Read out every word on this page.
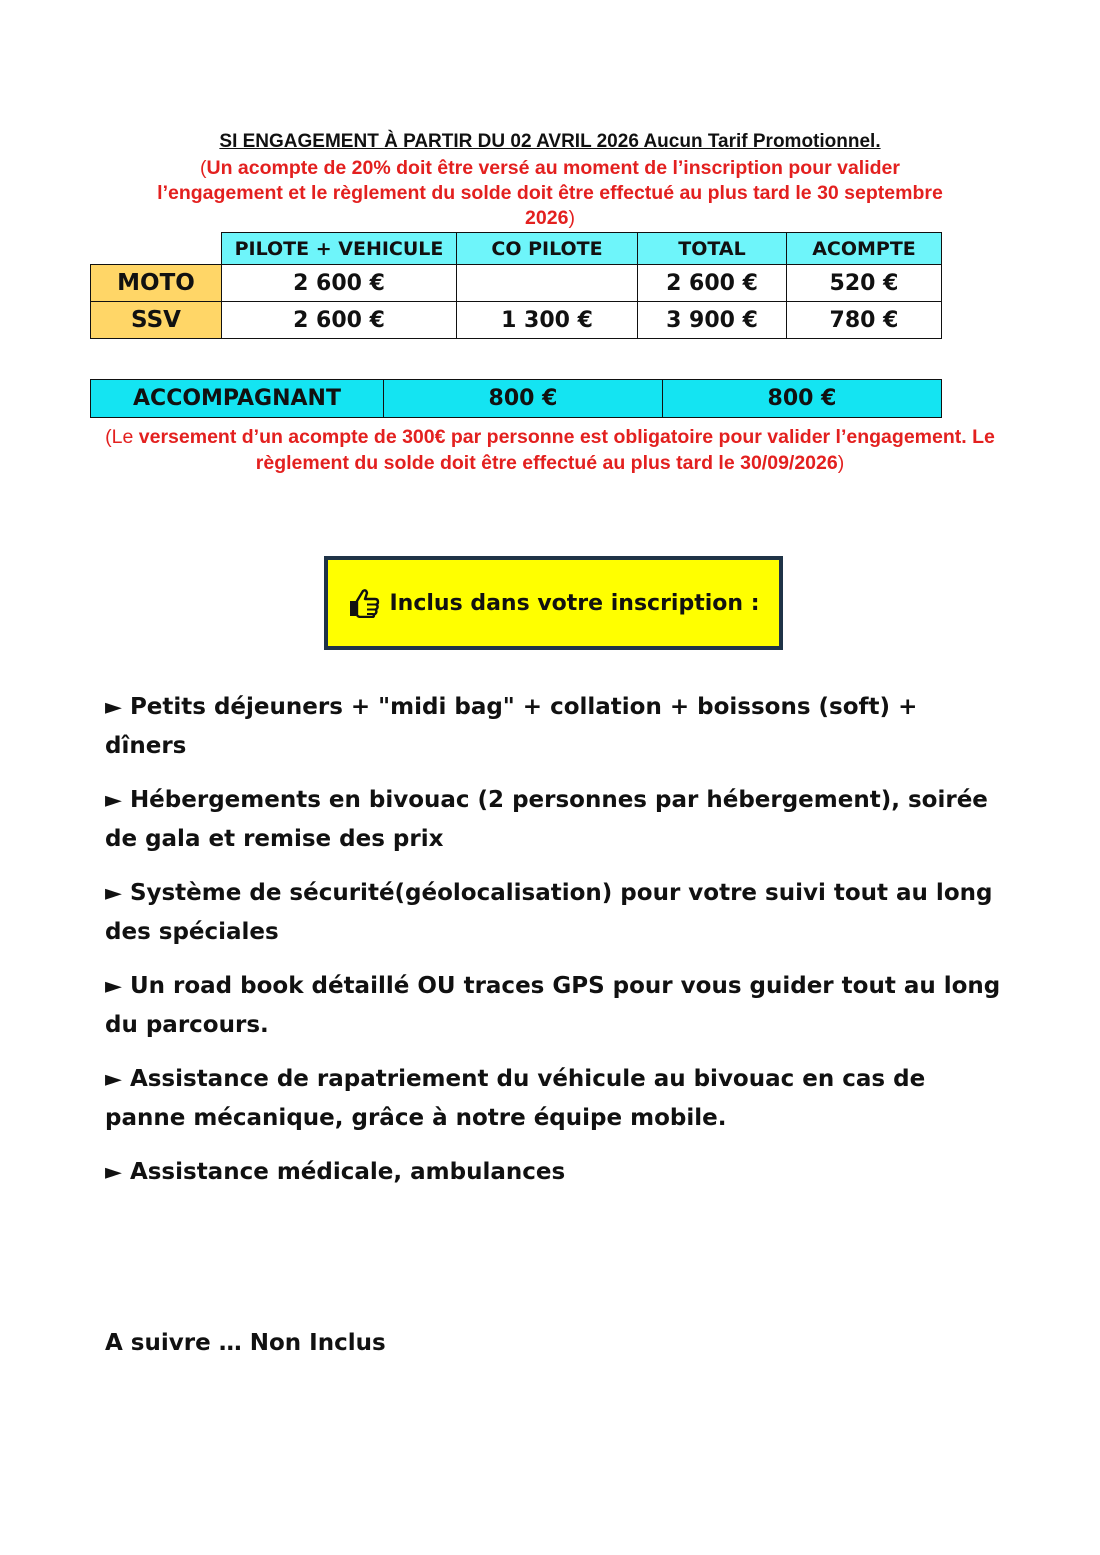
SI ENGAGEMENT À PARTIR DU 02 AVRIL 2026 Aucun Tarif Promotionnel.
(Un acompte de 20% doit être versé au moment de l’inscription pour valider l’engagement et le règlement du solde doit être effectué au plus tard le 30 septembre 2026)
	PILOTE + VEHICULE	CO PILOTE	TOTAL	ACOMPTE
MOTO	2 600 €		2 600 €	520 €
SSV	2 600 €	1 300 €	3 900 €	780 €
ACCOMPAGNANT	800 €	800 €
(Le versement d’un acompte de 300€ par personne est obligatoire pour valider l’engagement. Le règlement du solde doit être effectué au plus tard le 30/09/2026)
Inclus dans votre inscription :
► Petits déjeuners + "midi bag" + collation + boissons (soft) + dîners
► Hébergements en bivouac (2 personnes par hébergement), soirée de gala et remise des prix
► Système de sécurité(géolocalisation) pour votre suivi tout au long des spéciales
► Un road book détaillé OU traces GPS pour vous guider tout au long du parcours.
► Assistance de rapatriement du véhicule au bivouac en cas de panne mécanique, grâce à notre équipe mobile.
► Assistance médicale, ambulances
A suivre … Non Inclus
